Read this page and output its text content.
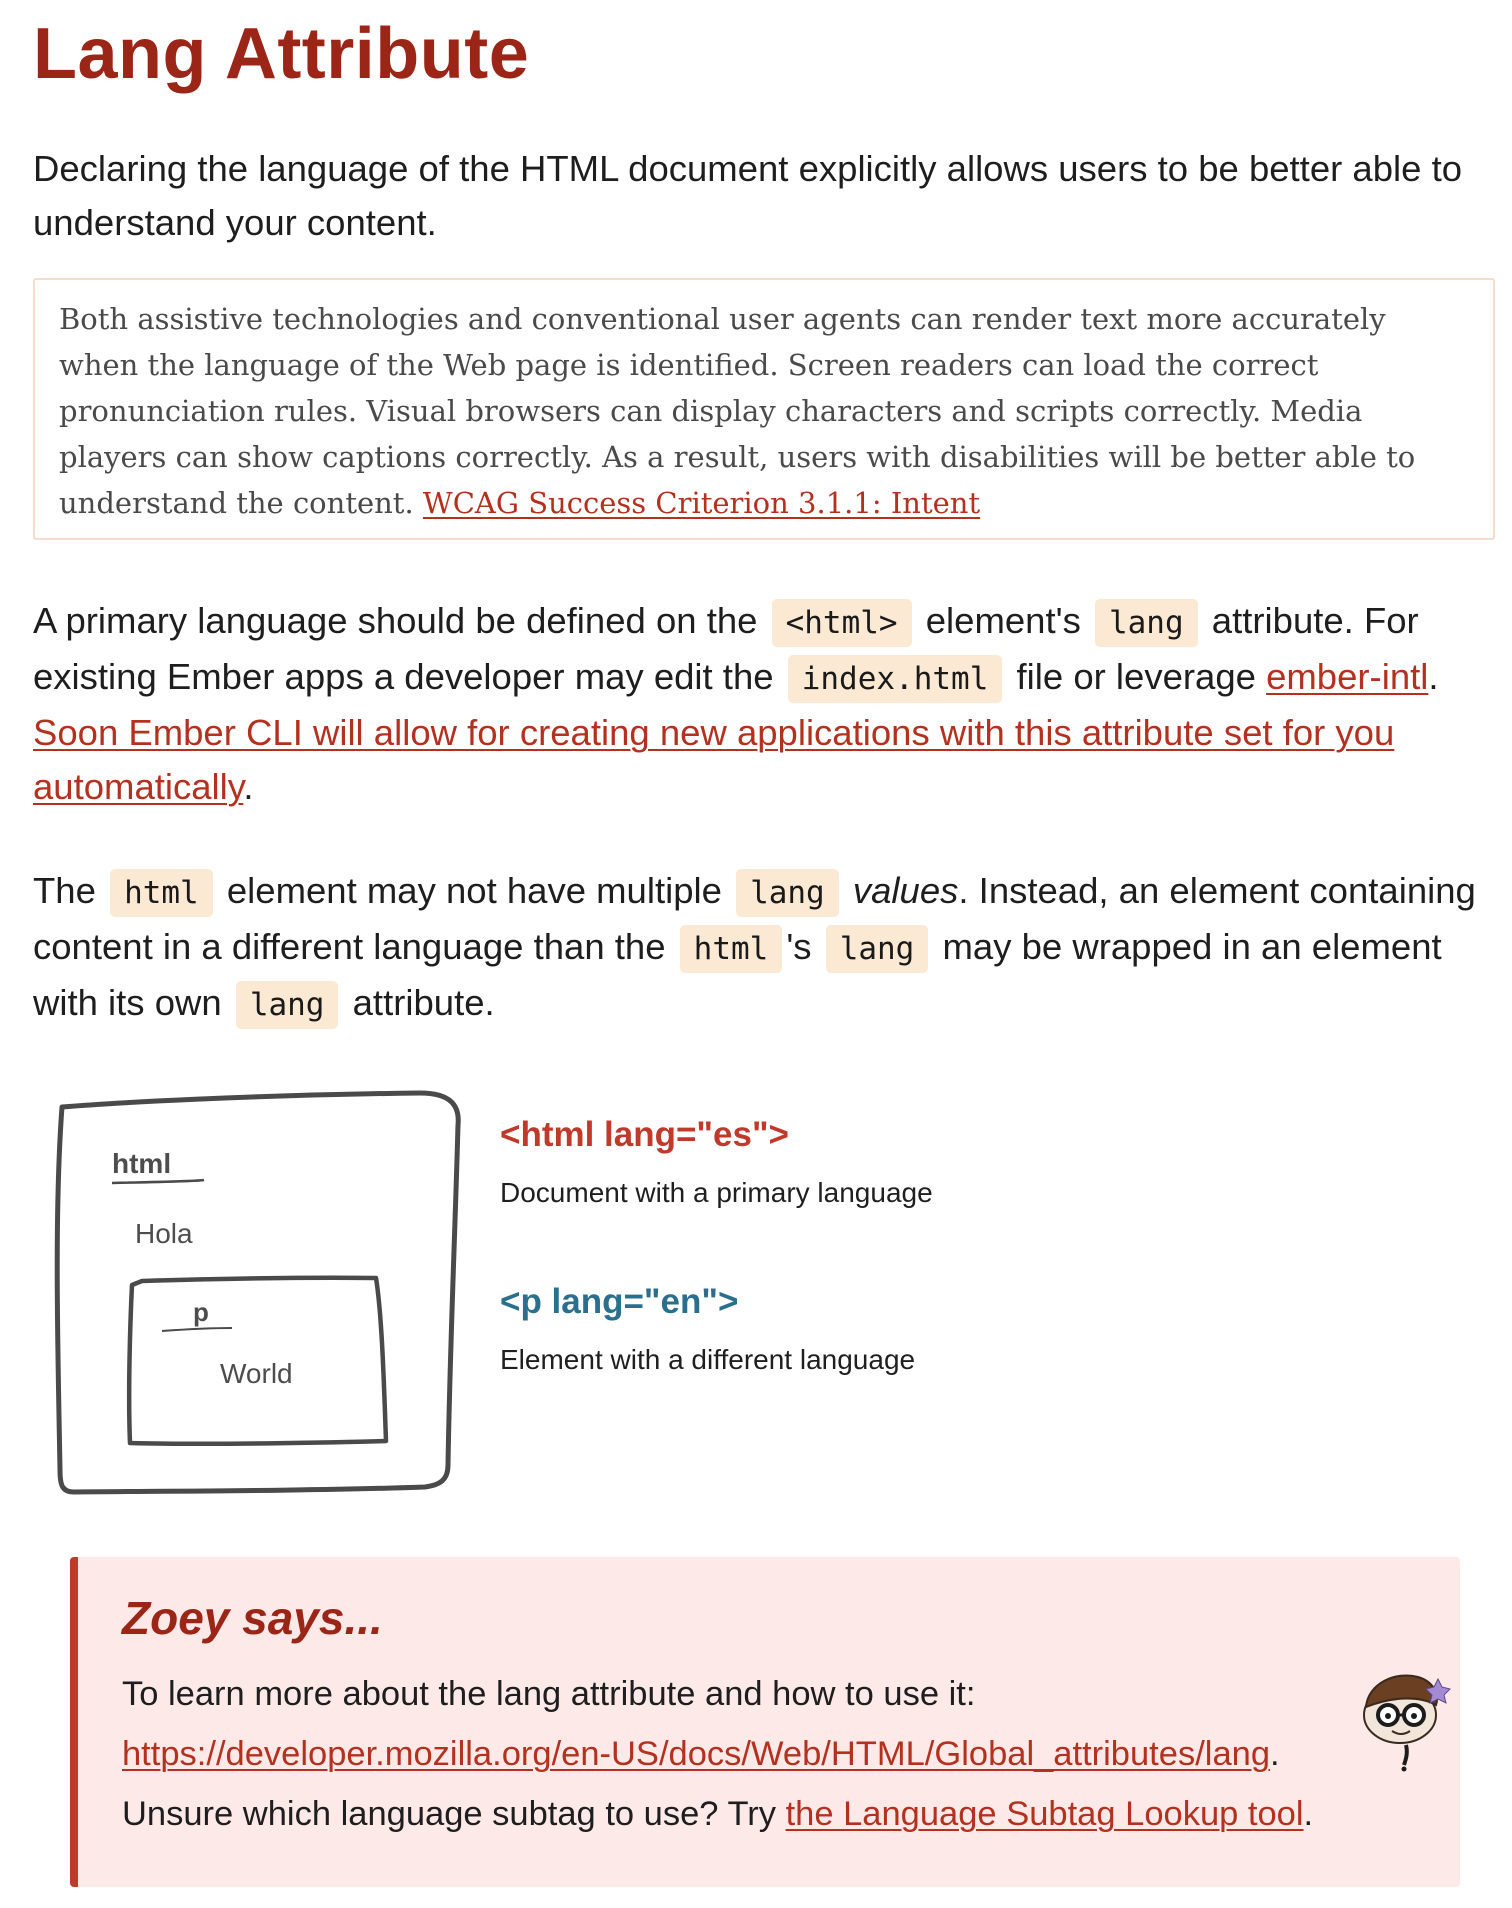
Lang Attribute

Declaring the language of the HTML document explicitly allows users to be better able to understand your content.

Both assistive technologies and conventional user agents can render text more accurately when the language of the Web page is identified. Screen readers can load the correct pronunciation rules. Visual browsers can display characters and scripts correctly. Media players can show captions correctly. As a result, users with disabilities will be better able to understand the content. WCAG Success Criterion 3.1.1: Intent

A primary language should be defined on the <html> element's lang attribute. For existing Ember apps a developer may edit the index.html file or leverage ember-intl. Soon Ember CLI will allow for creating new applications with this attribute set for you automatically.

The html element may not have multiple lang values. Instead, an element containing content in a different language than the html 's lang may be wrapped in an element with its own lang attribute.

html
Hola
p
World

<html lang="es">

Document with a primary language

<p lang="en">

Element with a different language

Zoey says...

To learn more about the lang attribute and how to use it:

https://developer.mozilla.org/en-US/docs/Web/HTML/Global_attributes/lang.

Unsure which language subtag to use? Try the Language Subtag Lookup tool.
